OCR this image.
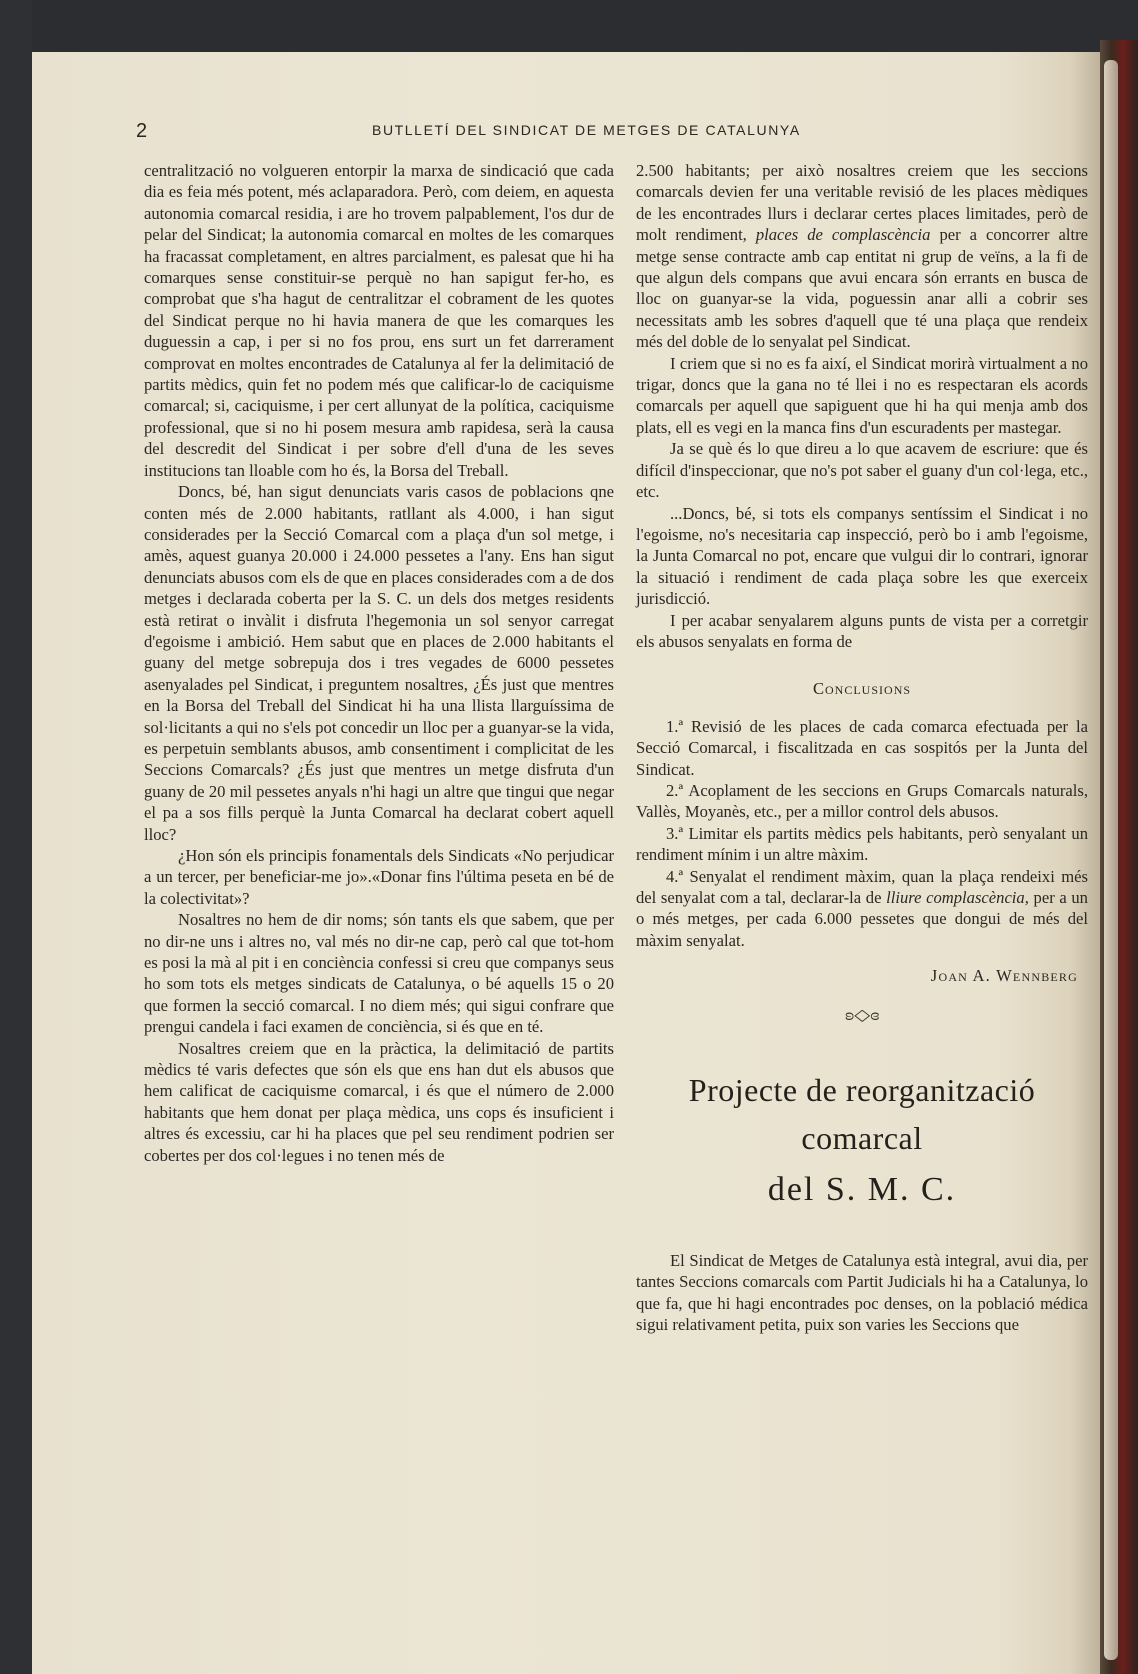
2	BUTLLETÍ DEL SINDICAT DE METGES DE CATALUNYA

centralització no volgueren entorpir la marxa de sindicació que cada dia es feia més potent, més aclaparadora. Però, com deiem, en aquesta autonomia comarcal residia, i are ho trovem palpablement, l'os dur de pelar del Sindicat; la autonomia comarcal en moltes de les comarques ha fracassat completament, en altres parcialment, es palesat que hi ha comarques sense constituir-se perquè no han sapigut fer-ho, es comprobat que s'ha hagut de centralitzar el cobrament de les quotes del Sindicat perque no hi havia manera de que les comarques les duguessin a cap, i per si no fos prou, ens surt un fet darrerament comprovat en moltes encontrades de Catalunya al fer la delimitació de partits mèdics, quin fet no podem més que calificar-lo de caciquisme comarcal; si, caciquisme, i per cert allunyat de la política, caciquisme professional, que si no hi posem mesura amb rapidesa, serà la causa del descredit del Sindicat i per sobre d'ell d'una de les seves institucions tan lloable com ho és, la Borsa del Treball.

Doncs, bé, han sigut denunciats varis casos de poblacions qne conten més de 2.000 habitants, ratllant als 4.000, i han sigut considerades per la Secció Comarcal com a plaça d'un sol metge, i amès, aquest guanya 20.000 i 24.000 pessetes a l'any. Ens han sigut denunciats abusos com els de que en places considerades com a de dos metges i declarada coberta per la S. C. un dels dos metges residents està retirat o invàlit i disfruta l'hegemonia un sol senyor carregat d'egoisme i ambició. Hem sabut que en places de 2.000 habitants el guany del metge sobrepuja dos i tres vegades de 6000 pessetes asenyalades pel Sindicat, i preguntem nosaltres, ¿És just que mentres en la Borsa del Treball del Sindicat hi ha una llista llarguíssima de sol·licitants a qui no s'els pot concedir un lloc per a guanyar-se la vida, es perpetuin semblants abusos, amb consentiment i complicitat de les Seccions Comarcals? ¿És just que mentres un metge disfruta d'un guany de 20 mil pessetes anyals n'hi hagi un altre que tingui que negar el pa a sos fills perquè la Junta Comarcal ha declarat cobert aquell lloc?

¿Hon són els principis fonamentals dels Sindicats «No perjudicar a un tercer, per beneficiar-me jo».«Donar fins l'última peseta en bé de la colectivitat»?

Nosaltres no hem de dir noms; són tants els que sabem, que per no dir-ne uns i altres no, val més no dir-ne cap, però cal que tot-hom es posi la mà al pit i en conciència confessi si creu que companys seus ho som tots els metges sindicats de Catalunya, o bé aquells 15 o 20 que formen la secció comarcal. I no diem més; qui sigui confrare que prengui candela i faci examen de conciència, si és que en té.

Nosaltres creiem que en la pràctica, la delimitació de partits mèdics té varis defectes que són els que ens han dut els abusos que hem calificat de caciquisme comarcal, i és que el número de 2.000 habitants que hem donat per plaça mèdica, uns cops és insuficient i altres és excessiu, car hi ha places que pel seu rendiment podrien ser cobertes per dos col·legues i no tenen més de

2.500 habitants; per això nosaltres creiem que les seccions comarcals devien fer una veritable revisió de les places mèdiques de les encontrades llurs i declarar certes places limitades, però de molt rendiment, places de complascència per a concorrer altre metge sense contracte amb cap entitat ni grup de veïns, a la fi de que algun dels compans que avui encara són errants en busca de lloc on guanyar-se la vida, poguessin anar alli a cobrir ses necessitats amb les sobres d'aquell que té una plaça que rendeix més del doble de lo senyalat pel Sindicat.

I criem que si no es fa així, el Sindicat morirà virtualment a no trigar, doncs que la gana no té llei i no es respectaran els acords comarcals per aquell que sapiguent que hi ha qui menja amb dos plats, ell es vegi en la manca fins d'un escuradents per mastegar.

Ja se què és lo que direu a lo que acavem de escriure: que és difícil d'inspeccionar, que no's pot saber el guany d'un col·lega, etc., etc.

...Doncs, bé, si tots els companys sentíssim el Sindicat i no l'egoisme, no's necesitaria cap inspecció, però bo i amb l'egoisme, la Junta Comarcal no pot, encare que vulgui dir lo contrari, ignorar la situació i rendiment de cada plaça sobre les que exerceix jurisdicció.

I per acabar senyalarem alguns punts de vista per a corretgir els abusos senyalats en forma de

Conclusions

1.ª Revisió de les places de cada comarca efectuada per la Secció Comarcal, i fiscalitzada en cas sospitós per la Junta del Sindicat.

2.ª Acoplament de les seccions en Grups Comarcals naturals, Vallès, Moyanès, etc., per a millor control dels abusos.

3.ª Limitar els partits mèdics pels habitants, però senyalant un rendiment mínim i un altre màxim.

4.ª Senyalat el rendiment màxim, quan la plaça rendeixi més del senyalat com a tal, declarar-la de lliure complascència, per a un o més metges, per cada 6.000 pessetes que dongui de més del màxim senyalat.

Joan A. Wennberg

ʚ◇ɞ

Projecte de reorganització comarcal
del S. M. C.

El Sindicat de Metges de Catalunya està integral, avui dia, per tantes Seccions comarcals com Partit Judicials hi ha a Catalunya, lo que fa, que hi hagi encontrades poc denses, on la població médica sigui relativament petita, puix son varies les Seccions que
